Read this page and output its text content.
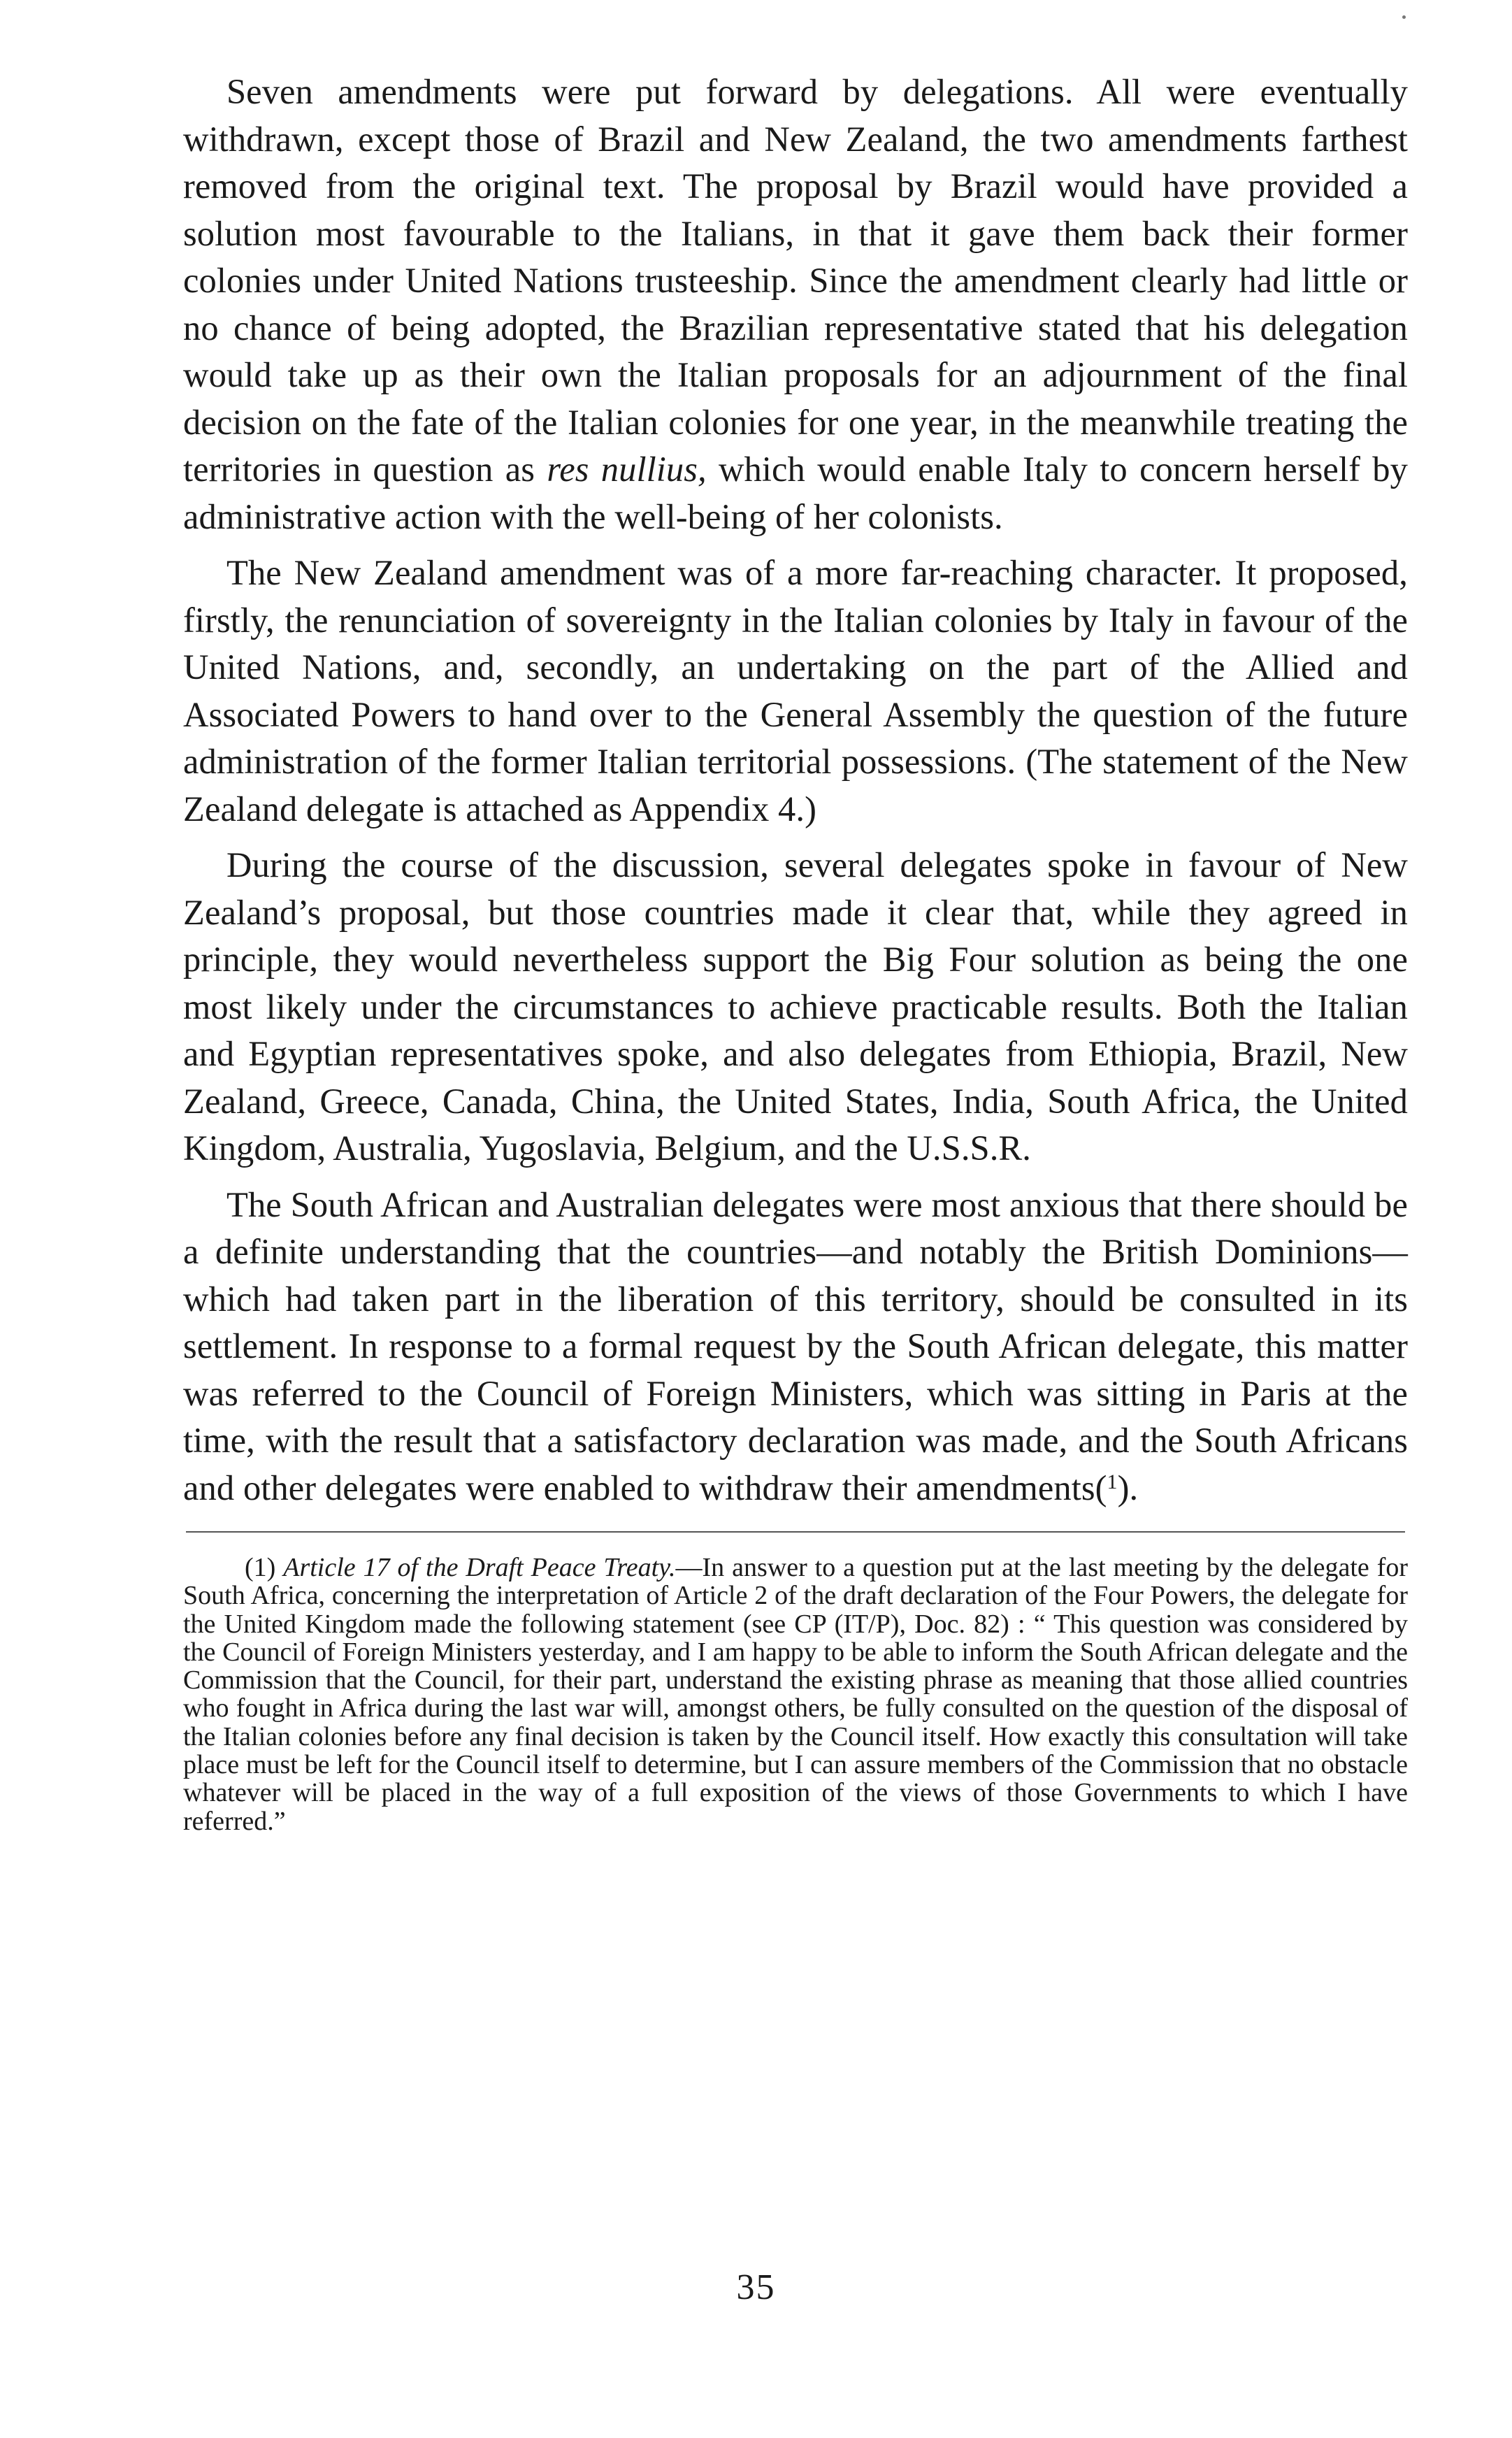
Seven amendments were put forward by delegations. All were eventually withdrawn, except those of Brazil and New Zealand, the two amendments farthest removed from the original text. The proposal by Brazil would have provided a solution most favourable to the Italians, in that it gave them back their former colonies under United Nations trusteeship. Since the amendment clearly had little or no chance of being adopted, the Brazilian representative stated that his delegation would take up as their own the Italian proposals for an adjournment of the final decision on the fate of the Italian colonies for one year, in the meanwhile treating the territories in question as res nullius, which would enable Italy to concern herself by administrative action with the well-being of her colonists.

The New Zealand amendment was of a more far-reaching character. It proposed, firstly, the renunciation of sovereignty in the Italian colonies by Italy in favour of the United Nations, and, secondly, an undertaking on the part of the Allied and Associated Powers to hand over to the General Assembly the question of the future administration of the former Italian territorial possessions. (The statement of the New Zealand delegate is attached as Appendix 4.)

During the course of the discussion, several delegates spoke in favour of New Zealand’s proposal, but those countries made it clear that, while they agreed in principle, they would nevertheless support the Big Four solution as being the one most likely under the circumstances to achieve practicable results. Both the Italian and Egyptian representatives spoke, and also delegates from Ethiopia, Brazil, New Zealand, Greece, Canada, China, the United States, India, South Africa, the United Kingdom, Australia, Yugoslavia, Belgium, and the U.S.S.R.

The South African and Australian delegates were most anxious that there should be a definite understanding that the countries—and notably the British Dominions—which had taken part in the liberation of this territory, should be consulted in its settlement. In response to a formal request by the South African delegate, this matter was referred to the Council of Foreign Ministers, which was sitting in Paris at the time, with the result that a satisfactory declaration was made, and the South Africans and other delegates were enabled to withdraw their amendments($^1$).

(1) Article 17 of the Draft Peace Treaty.—In answer to a question put at the last meeting by the delegate for South Africa, concerning the interpretation of Article 2 of the draft declaration of the Four Powers, the delegate for the United Kingdom made the following statement (see CP (IT/P), Doc. 82) : “ This question was considered by the Council of Foreign Ministers yesterday, and I am happy to be able to inform the South African delegate and the Commission that the Council, for their part, understand the existing phrase as meaning that those allied countries who fought in Africa during the last war will, amongst others, be fully consulted on the question of the disposal of the Italian colonies before any final decision is taken by the Council itself. How exactly this consultation will take place must be left for the Council itself to determine, but I can assure members of the Commission that no obstacle whatever will be placed in the way of a full exposition of the views of those Governments to which I have referred.”

35
